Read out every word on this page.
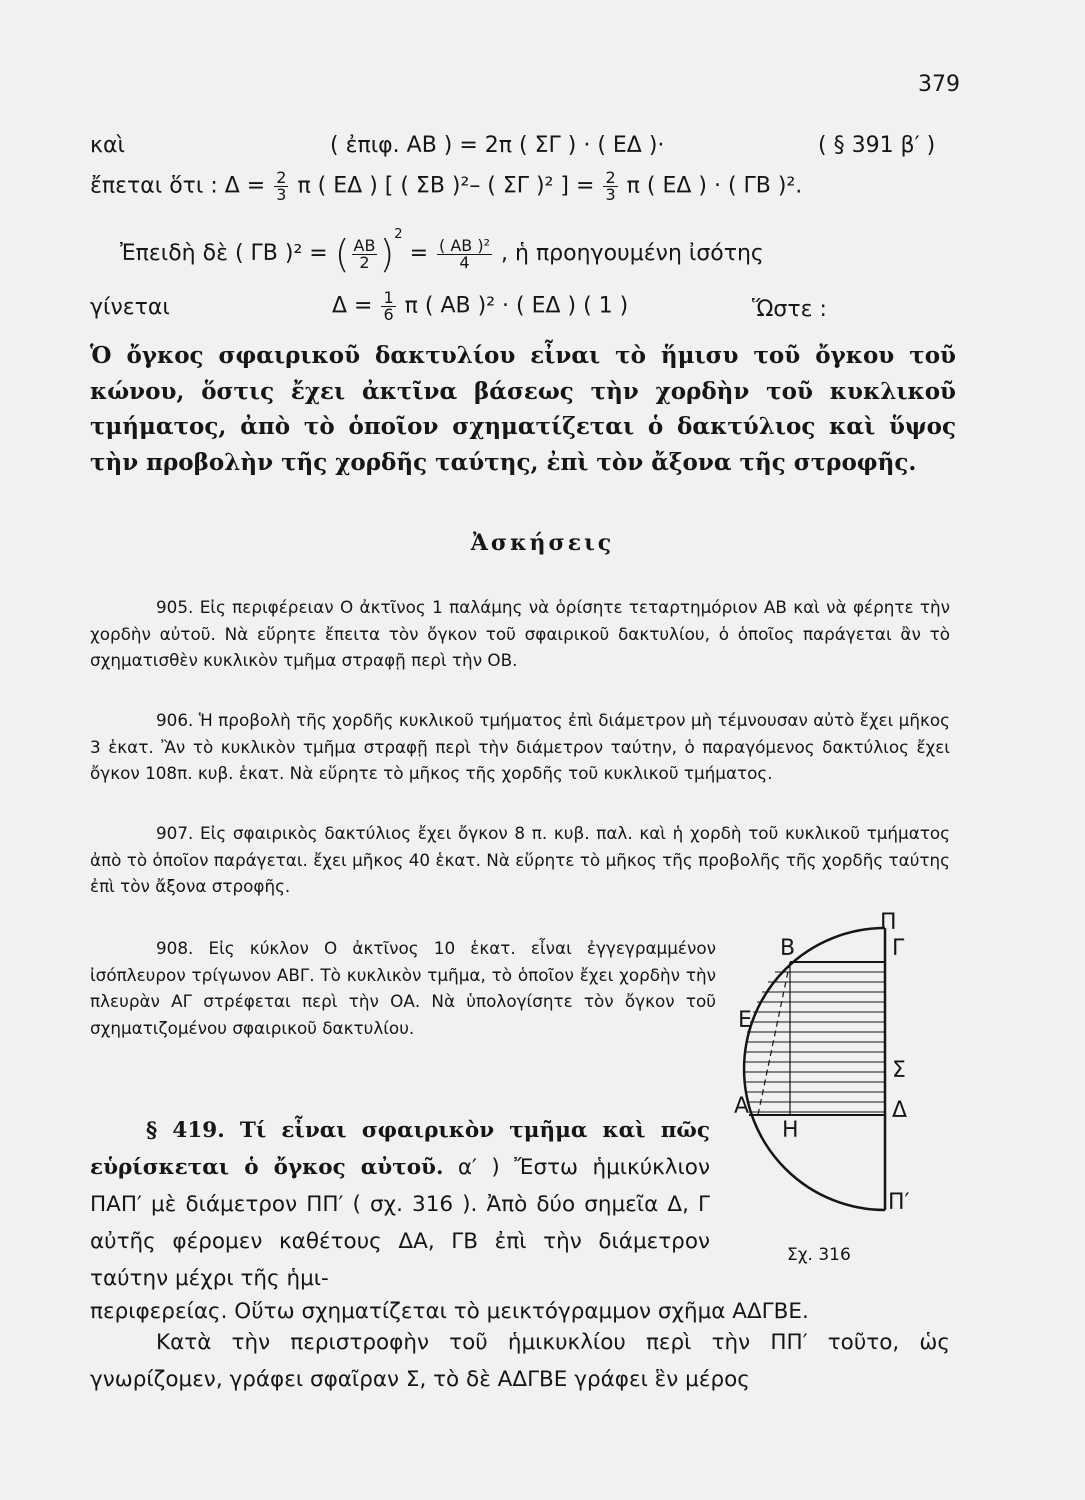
379
καὶ	( ἐπιφ. ΑΒ ) = 2π ( ΣΓ ) · ( ΕΔ )·	( § 391 β′ )
ἔπεται ὅτι : $\Delta = \frac{2}{3}$ π ( ΕΔ ) [ ( ΣΒ )²– ( ΣΓ )² ] = $\frac{2}{3}$ π ( ΕΔ ) · ( ΓΒ )².
Ἐπειδὴ δὲ ( ΓΒ )² = ( $\frac{AB}{2} )^2 = \frac{\text{( ΑΒ )²}}{4}$ , ἡ προηγουμένη ἰσότης
γίνεται	$\Delta = \frac{1}{6}$ π ( ΑΒ )² · ( ΕΔ ) ( 1 )	Ὥστε :
Ὁ ὄγκος σφαιρικοῦ δακτυλίου εἶναι τὸ ἥμισυ τοῦ ὄγκου τοῦ κώνου, ὅστις ἔχει ἀκτῖνα βάσεως τὴν χορδὴν τοῦ κυκλικοῦ τμήματος, ἀπὸ τὸ ὁποῖον σχηματίζεται ὁ δακτύλιος καὶ ὕψος τὴν προβολὴν τῆς χορδῆς ταύτης, ἐπὶ τὸν ἄξονα τῆς στροφῆς.
Ἀσκήσεις
905. Εἰς περιφέρειαν Ο ἀκτῖνος 1 παλάμης νὰ ὁρίσητε τεταρτημόριον ΑΒ καὶ νὰ φέρητε τὴν χορδὴν αὐτοῦ. Νὰ εὕρητε ἔπειτα τὸν ὄγκον τοῦ σφαιρικοῦ δακτυλίου, ὁ ὁποῖος παράγεται ἂν τὸ σχηματισθὲν κυκλικὸν τμῆμα στραφῇ περὶ τὴν ΟΒ.
906. Ἡ προβολὴ τῆς χορδῆς κυκλικοῦ τμήματος ἐπὶ διάμετρον μὴ τέμνουσαν αὐτὸ ἔχει μῆκος 3 ἑκατ. Ἂν τὸ κυκλικὸν τμῆμα στραφῇ περὶ τὴν διάμετρον ταύτην, ὁ παραγόμενος δακτύλιος ἔχει ὄγκον 108π. κυβ. ἑκατ. Νὰ εὕρητε τὸ μῆκος τῆς χορδῆς τοῦ κυκλικοῦ τμήματος.
907. Εἰς σφαιρικὸς δακτύλιος ἔχει ὄγκον 8 π. κυβ. παλ. καὶ ἡ χορδὴ τοῦ κυκλικοῦ τμήματος ἀπὸ τὸ ὁποῖον παράγεται. ἔχει μῆκος 40 ἑκατ. Νὰ εὕρητε τὸ μῆκος τῆς προβολῆς τῆς χορδῆς ταύτης ἐπὶ τὸν ἄξονα στροφῆς.
908. Εἰς κύκλον Ο ἀκτῖνος 10 ἑκατ. εἶναι ἐγγεγραμμένον ἰσόπλευρον τρίγωνον ΑΒΓ. Τὸ κυκλικὸν τμῆμα, τὸ ὁποῖον ἔχει χορδὴν τὴν πλευρὰν ΑΓ στρέφεται περὶ τὴν ΟΑ. Νὰ ὑπολογίσητε τὸν ὄγκον τοῦ σχηματιζομένου σφαιρικοῦ δακτυλίου.
§ 419. Τί εἶναι σφαιρικὸν τμῆμα καὶ πῶς εὑρίσκεται ὁ ὄγκος αὐτοῦ. α′ ) Ἔστω ἡμικύκλιον ΠΑΠ′ μὲ διάμετρον ΠΠ′ ( σχ. 316 ). Ἀπὸ δύο σημεῖα Δ, Γ αὐτῆς φέρομεν καθέτους ΔΑ, ΓΒ ἐπὶ τὴν διάμετρον ταύτην μέχρι τῆς ἡμι-
περιφερείας. Οὕτω σχηματίζεται τὸ μεικτόγραμμον σχῆμα ΑΔΓΒΕ.
Κατὰ τὴν περιστροφὴν τοῦ ἡμικυκλίου περὶ τὴν ΠΠ′ τοῦτο, ὡς γνωρίζομεν, γράφει σφαῖραν Σ, τὸ δὲ ΑΔΓΒΕ γράφει ἓν μέρος
Π
Γ
Β
Ε
Σ
Α	Δ
Η
Π′
Σχ. 316
